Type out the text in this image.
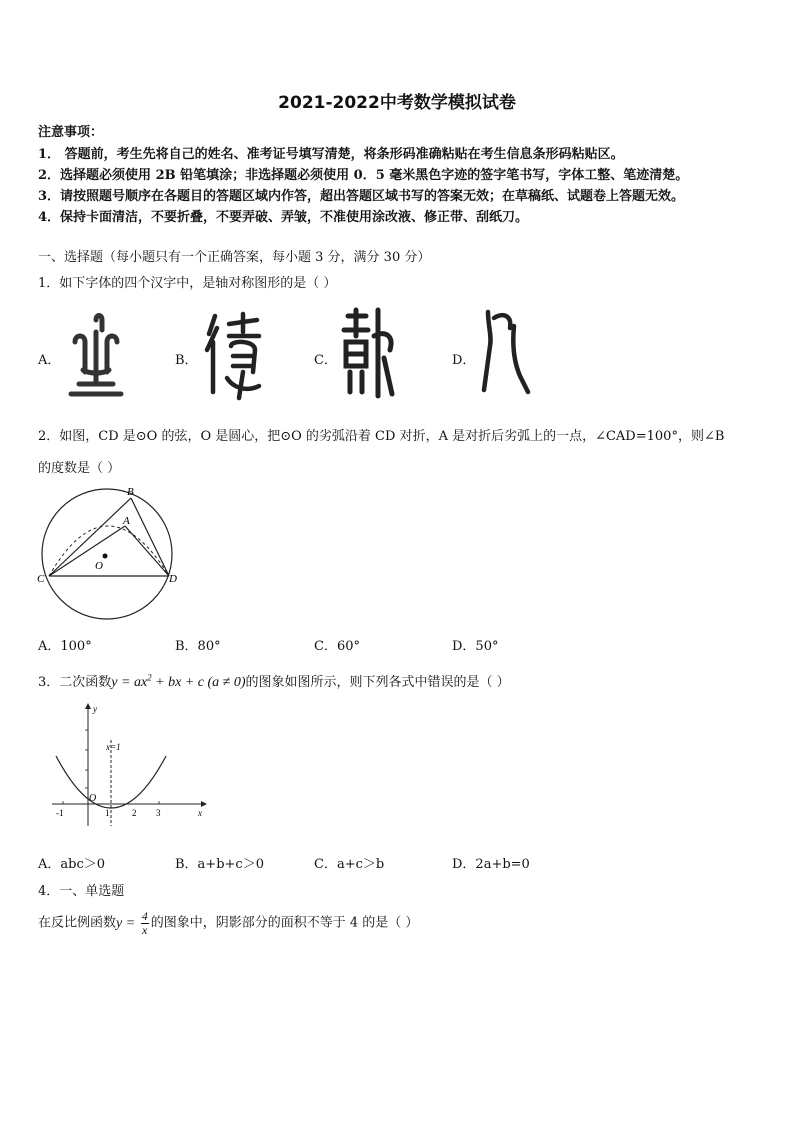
2021-2022中考数学模拟试卷
注意事项：
1． 答题前，考生先将自己的姓名、准考证号填写清楚，将条形码准确粘贴在考生信息条形码粘贴区。
2．选择题必须使用 2B 铅笔填涂；非选择题必须使用 0．5 毫米黑色字迹的签字笔书写，字体工整、笔迹清楚。
3．请按照题号顺序在各题目的答题区域内作答，超出答题区域书写的答案无效；在草稿纸、试题卷上答题无效。
4．保持卡面清洁，不要折叠，不要弄破、弄皱，不准使用涂改液、修正带、刮纸刀。
一、选择题（每小题只有一个正确答案，每小题 3 分，满分 30 分）
1．如下字体的四个汉字中，是轴对称图形的是（ ）
A．	B．	C．	D．
2．如图，CD 是⊙O 的弦，O 是圆心，把⊙O 的劣弧沿着 CD 对折，A 是对折后劣弧上的一点，∠CAD=100°，则∠B
的度数是（ ）
B
A
O
C	D
A．100°	B．80°	C．60°	D．50°
3．二次函数$y = ax^2$ + bx + c (a ≠ 0)的图象如图所示，则下列各式中错误的是（ ）
y
x
O
x=1
-1	1	2 3
A．abc＞0	B．a+b+c＞0	C．a+c＞b	D．2a+b=0
4．一、单选题
在反比例函数$y = \frac{4}{x}$ 的图象中，阴影部分的面积不等于 4 的是（ ）
